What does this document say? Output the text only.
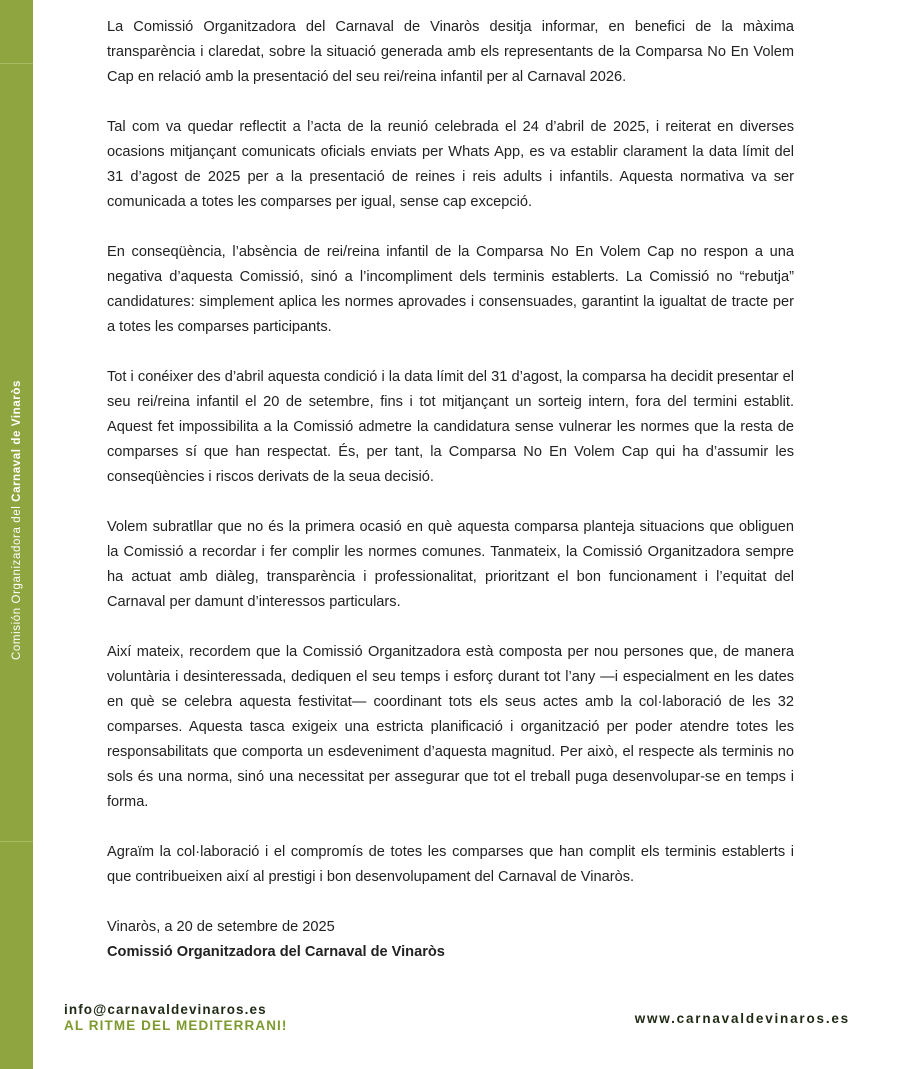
Comisión Organizadora del Carnaval de Vinaròs

La Comissió Organitzadora del Carnaval de Vinaròs desitja informar, en benefici de la màxima transparència i claredat, sobre la situació generada amb els representants de la Comparsa No En Volem Cap en relació amb la presentació del seu rei/reina infantil per al Carnaval 2026.

Tal com va quedar reflectit a l’acta de la reunió celebrada el 24 d’abril de 2025, i reiterat en diverses ocasions mitjançant comunicats oficials enviats per Whats App, es va establir clarament la data límit del 31 d’agost de 2025 per a la presentació de reines i reis adults i infantils. Aquesta normativa va ser comunicada a totes les comparses per igual, sense cap excepció.

En conseqüència, l’absència de rei/reina infantil de la Comparsa No En Volem Cap no respon a una negativa d’aquesta Comissió, sinó a l’incompliment dels terminis establerts. La Comissió no “rebutja” candidatures: simplement aplica les normes aprovades i consensuades, garantint la igualtat de tracte per a totes les comparses participants.

Tot i conéixer des d’abril aquesta condició i la data límit del 31 d’agost, la comparsa ha decidit presentar el seu rei/reina infantil el 20 de setembre, fins i tot mitjançant un sorteig intern, fora del termini establit. Aquest fet impossibilita a la Comissió admetre la candidatura sense vulnerar les normes que la resta de comparses sí que han respectat. És, per tant, la Comparsa No En Volem Cap qui ha d’assumir les conseqüències i riscos derivats de la seua decisió.

Volem subratllar que no és la primera ocasió en què aquesta comparsa planteja situacions que obliguen la Comissió a recordar i fer complir les normes comunes. Tanmateix, la Comissió Organitzadora sempre ha actuat amb diàleg, transparència i professionalitat, prioritzant el bon funcionament i l’equitat del Carnaval per damunt d’interessos particulars.

Així mateix, recordem que la Comissió Organitzadora està composta per nou persones que, de manera voluntària i desinteressada, dediquen el seu temps i esforç durant tot l’any —i especialment en les dates en què se celebra aquesta festivitat— coordinant tots els seus actes amb la col·laboració de les 32 comparses. Aquesta tasca exigeix una estricta planificació i organització per poder atendre totes les responsabilitats que comporta un esdeveniment d’aquesta magnitud. Per això, el respecte als terminis no sols és una norma, sinó una necessitat per assegurar que tot el treball puga desenvolupar-se en temps i forma.

Agraïm la col·laboració i el compromís de totes les comparses que han complit els terminis establerts i que contribueixen així al prestigi i bon desenvolupament del Carnaval de Vinaròs.

Vinaròs, a 20 de setembre de 2025
Comissió Organitzadora del Carnaval de Vinaròs
info@carnavaldevinaros.es
AL RITME DEL MEDITERRANI!	www.carnavaldevinaros.es
